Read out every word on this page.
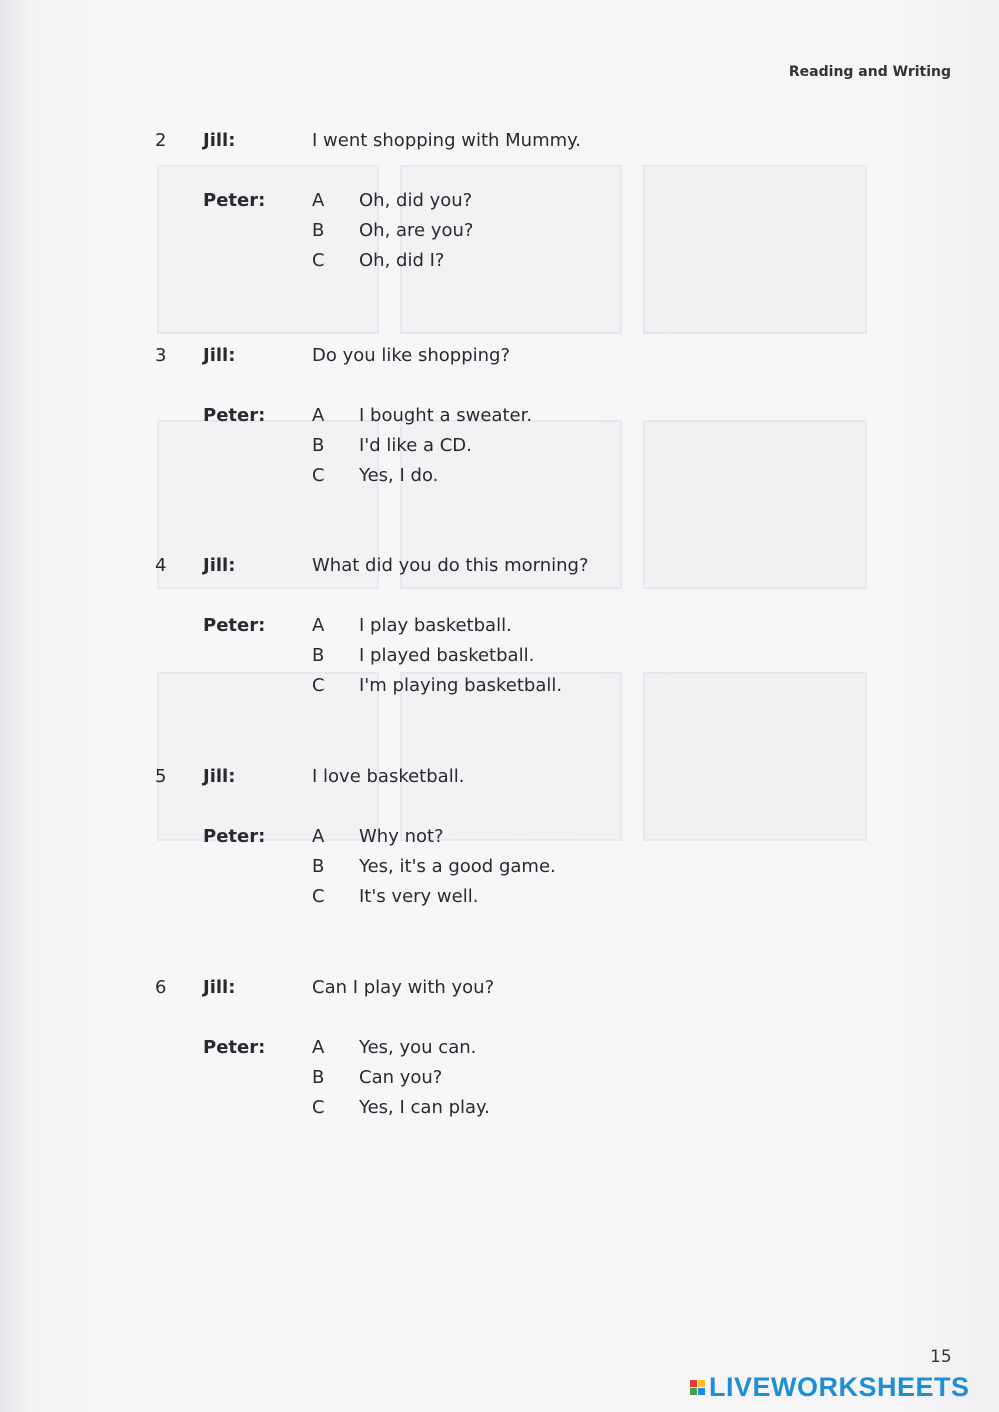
Reading and Writing
2 Jill:	I went shopping with Mummy.
Peter:	A Oh, did you?
B Oh, are you?
C Oh, did I?
3 Jill:	Do you like shopping?
Peter:	A I bought a sweater.
B I'd like a CD.
C Yes, I do.
4 Jill:	What did you do this morning?
Peter:	A I play basketball.
B I played basketball.
C I'm playing basketball.
5 Jill:	I love basketball.
Peter:	A Why not?
B Yes, it's a good game.
C It's very well.
6 Jill:	Can I play with you?
Peter:	A Yes, you can.
B Can you?
C Yes, I can play.
15
LIVEWORKSHEETS
